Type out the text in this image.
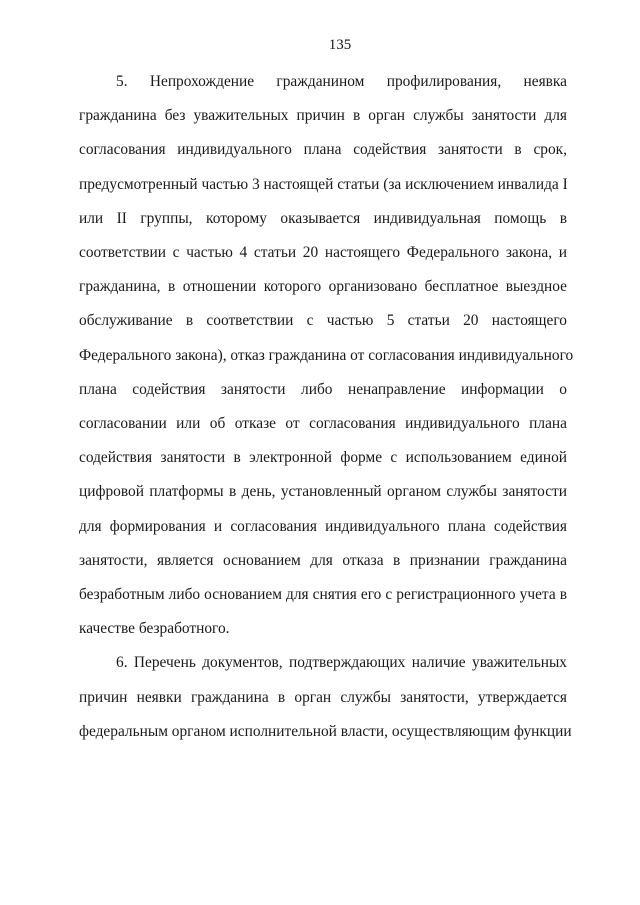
135

5. Непрохождение гражданином профилирования, неявка
гражданина без уважительных причин в орган службы занятости для
согласования индивидуального плана содействия занятости в срок,
предусмотренный частью 3 настоящей статьи (за исключением инвалида I
или II группы, которому оказывается индивидуальная помощь в
соответствии с частью 4 статьи 20 настоящего Федерального закона, и
гражданина, в отношении которого организовано бесплатное выездное
обслуживание в соответствии с частью 5 статьи 20 настоящего
Федерального закона), отказ гражданина от согласования индивидуального
плана содействия занятости либо ненаправление информации о
согласовании или об отказе от согласования индивидуального плана
содействия занятости в электронной форме с использованием единой
цифровой платформы в день, установленный органом службы занятости
для формирования и согласования индивидуального плана содействия
занятости, является основанием для отказа в признании гражданина
безработным либо основанием для снятия его с регистрационного учета в
качестве безработного.

6. Перечень документов, подтверждающих наличие уважительных
причин неявки гражданина в орган службы занятости, утверждается
федеральным органом исполнительной власти, осуществляющим функции
